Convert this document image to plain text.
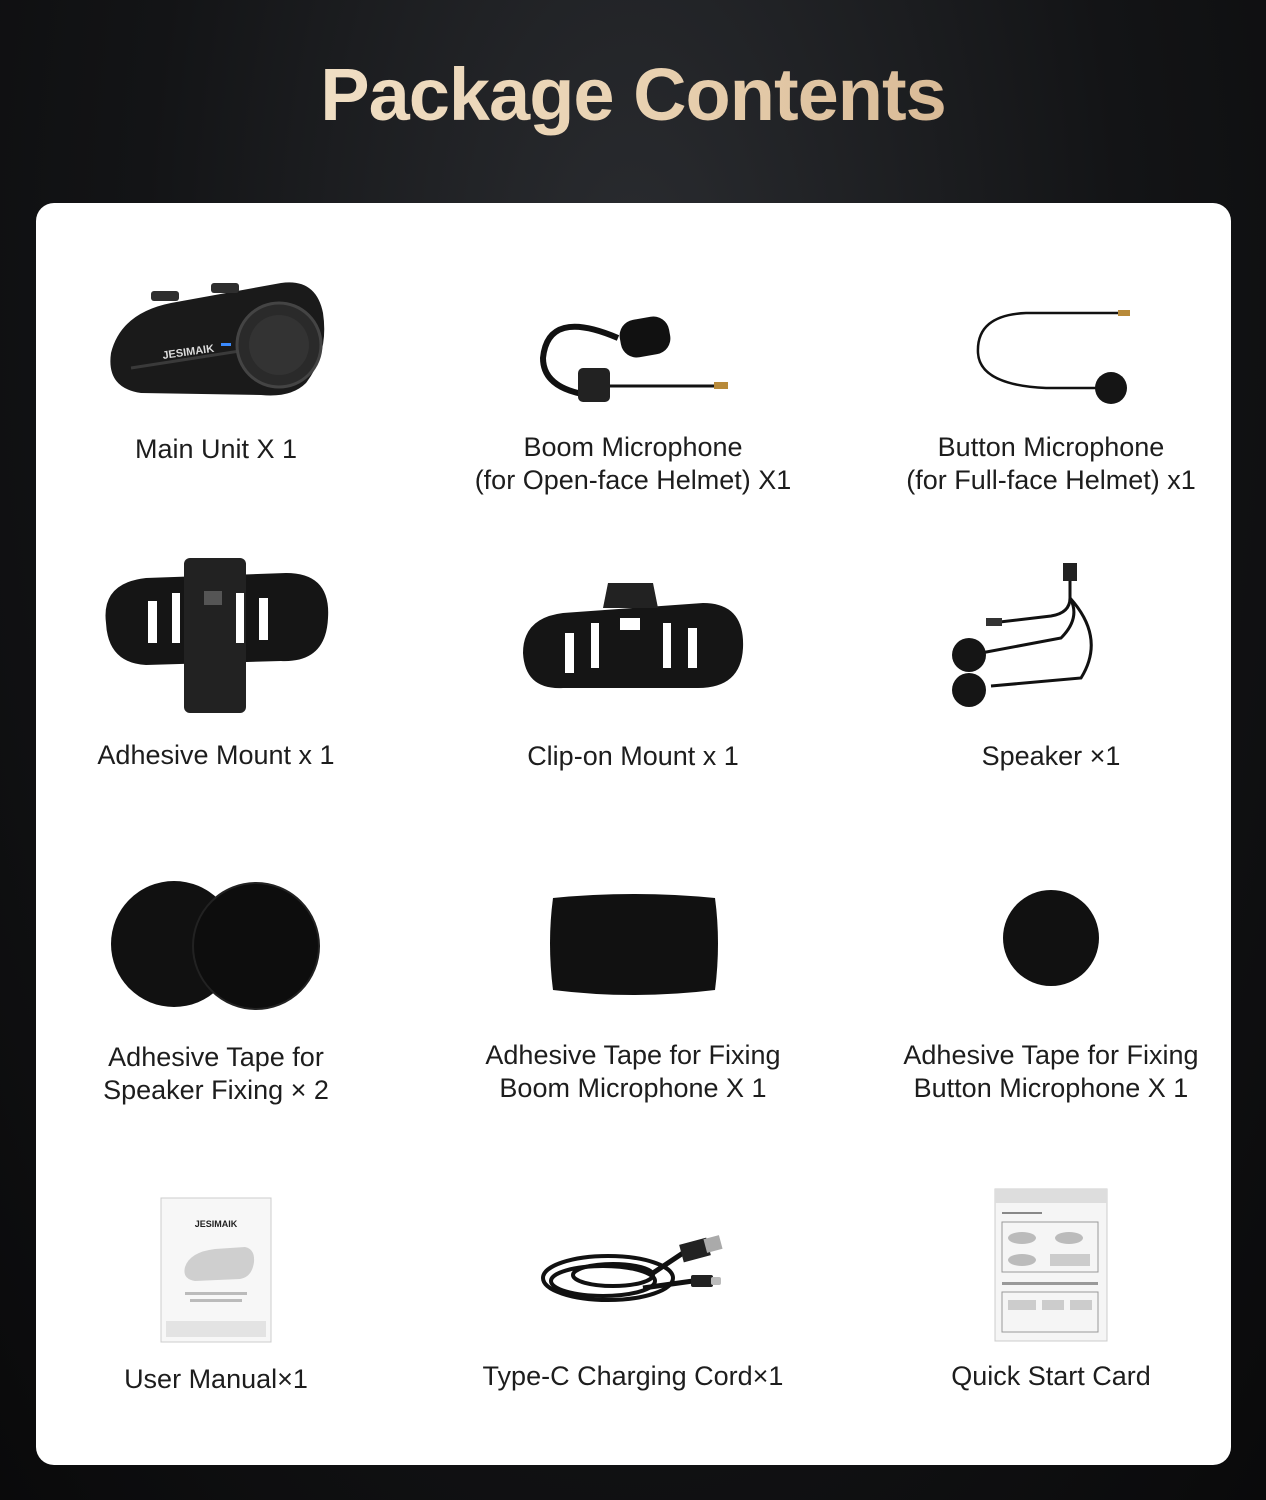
Package Contents
JESIMAIK
Main Unit X 1	Boom Microphone
(for Open-face Helmet) X1
Button Microphone
(for Full-face Helmet) x1
Adhesive Mount x 1	Clip-on Mount x 1	Speaker ×1
Adhesive Tape for
Speaker Fixing × 2
Adhesive Tape for Fixing
Boom Microphone X 1
Adhesive Tape for Fixing
Button Microphone X 1
JESIMAIK
User Manual×1	Type-C Charging Cord×1	Quick Start Card
